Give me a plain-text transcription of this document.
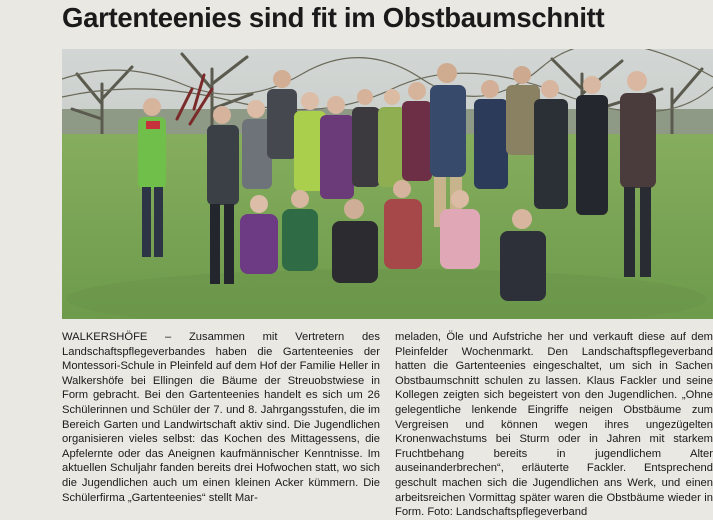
Gartenteenies sind fit im Obstbaumschnitt

WALKERSHÖFE – Zusammen mit Vertretern des Landschaftspflegeverbandes haben die Gartenteenies der Montessori-Schule in Pleinfeld auf dem Hof der Familie Heller in Walkershöfe bei Ellingen die Bäume der Streuobstwiese in Form gebracht. Bei den Gartenteenies handelt es sich um 26 Schülerinnen und Schüler der 7. und 8. Jahrgangsstufen, die im Bereich Garten und Landwirtschaft aktiv sind. Die Jugendlichen organisieren vieles selbst: das Kochen des Mittagessens, die Apfelernte oder das Aneignen kaufmännischer Kenntnisse. Im aktuellen Schuljahr fanden bereits drei Hofwochen statt, wo sich die Jugendlichen auch um einen kleinen Acker kümmern. Die Schülerfirma „Gartenteenies“ stellt Mar-

meladen, Öle und Aufstriche her und verkauft diese auf dem Pleinfelder Wochenmarkt. Den Landschaftspflegeverband hatten die Gartenteenies eingeschaltet, um sich in Sachen Obstbaumschnitt schulen zu lassen. Klaus Fackler und seine Kollegen zeigten sich begeistert von den Jugendlichen. „Ohne gelegentliche lenkende Eingriffe neigen Obstbäume zum Vergreisen und können wegen ihres ungezügelten Kronenwachstums bei Sturm oder in Jahren mit starkem Fruchtbehang bereits in jugendlichem Alter auseinanderbrechen“, erläuterte Fackler. Entsprechend geschult machen sich die Jugendlichen ans Werk, und einen arbeitsreichen Vormittag später waren die Obstbäume wieder in Form. Foto: Landschaftspflegeverband
